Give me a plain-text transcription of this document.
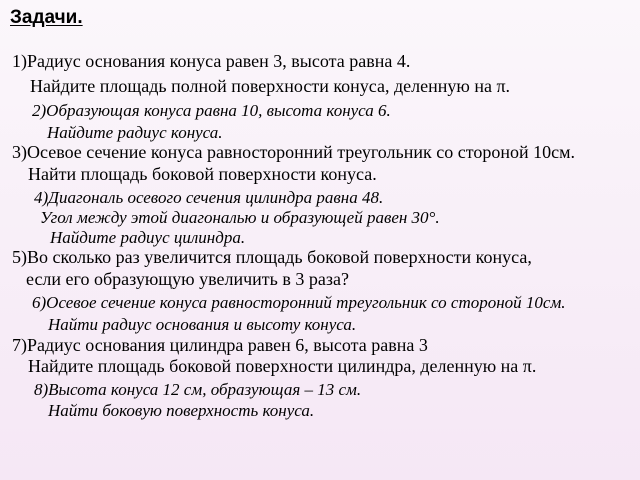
Задачи.
1)Радиус основания конуса равен 3, высота равна 4.
Найдите площадь полной поверхности конуса, деленную на π.
2)Образующая конуса равна 10, высота конуса 6.
Найдите радиус конуса.
3)Осевое сечение конуса равносторонний треугольник со стороной 10см.
Найти площадь боковой поверхности конуса.
4)Диагональ осевого сечения цилиндра равна 48.
Угол между этой диагональю и образующей равен 30°.
Найдите радиус цилиндра.
5)Во сколько раз увеличится площадь боковой поверхности конуса,
если его образующую увеличить в 3 раза?
6)Осевое сечение конуса равносторонний треугольник со стороной 10см.
Найти радиус основания и высоту конуса.
7)Радиус основания цилиндра равен 6, высота равна 3
Найдите площадь боковой поверхности цилиндра, деленную на π.
8)Высота конуса 12 см, образующая – 13 см.
Найти боковую поверхность конуса.
